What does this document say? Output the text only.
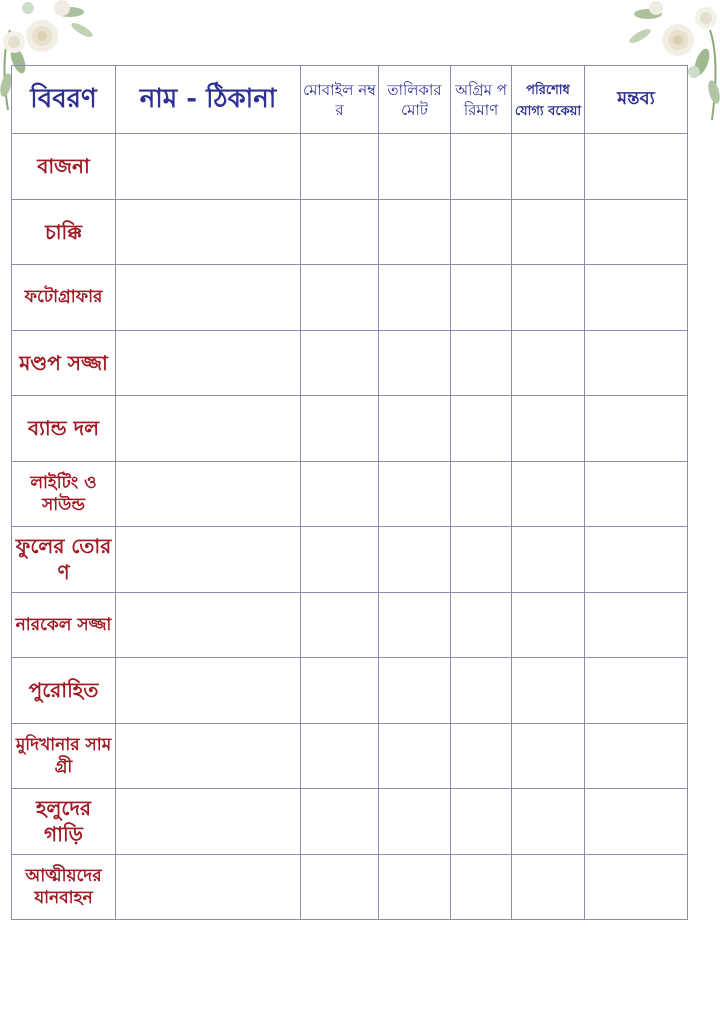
বিবরণ	নাম - ঠিকানা	মোবাইল নম্বর	তালিকার মোট	অগ্রিম পরিমাণ	পরিশোধযোগ্য বকেয়া	মন্তব্য
বাজনা						
চাক্কি						
ফটোগ্রাফার						
মণ্ডপ সজ্জা						
ব্যান্ড দল						
লাইটিং ও সাউন্ড						
ফুলের তোরণ						
নারকেল সজ্জা						
পুরোহিত						
মুদিখানার সামগ্রী						
হলুদের গাড়ি						
আত্মীয়দের যানবাহন						
